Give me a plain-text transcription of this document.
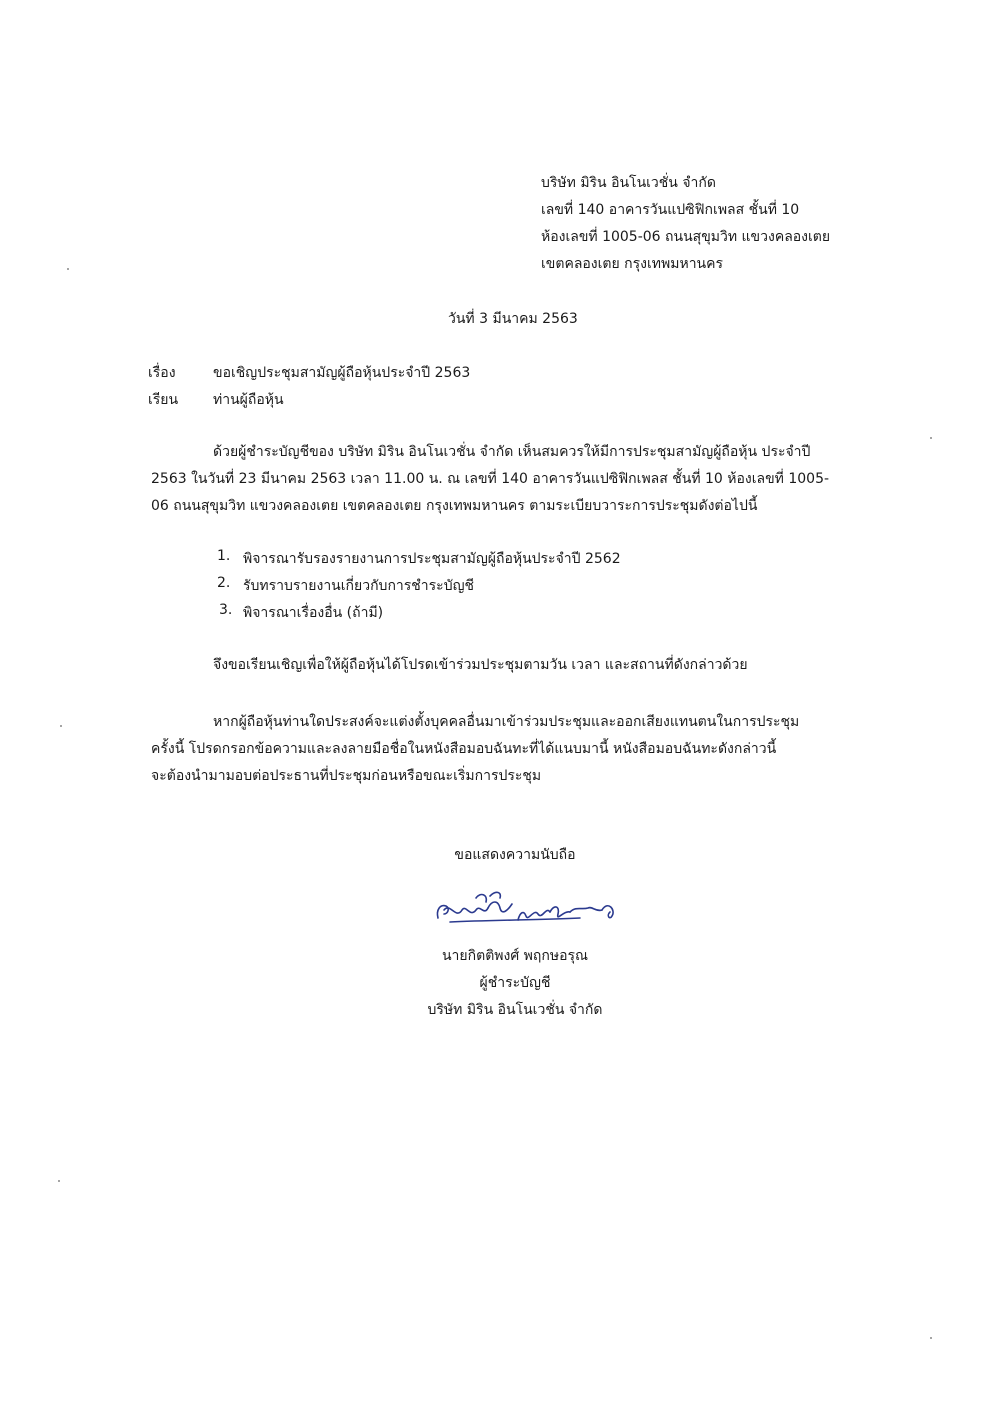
บริษัท มิริน อินโนเวชั่น จำกัด
เลขที่ 140 อาคารวันแปซิฟิกเพลส ชั้นที่ 10
ห้องเลขที่ 1005-06 ถนนสุขุมวิท แขวงคลองเตย
เขตคลองเตย กรุงเทพมหานคร
วันที่ 3 มีนาคม 2563
เรื่อง	ขอเชิญประชุมสามัญผู้ถือหุ้นประจำปี 2563
เรียน ท่านผู้ถือหุ้น
ด้วยผู้ชำระบัญชีของ บริษัท มิริน อินโนเวชั่น จำกัด เห็นสมควรให้มีการประชุมสามัญผู้ถือหุ้น ประจำปี
2563 ในวันที่ 23 มีนาคม 2563 เวลา 11.00 น. ณ เลขที่ 140 อาคารวันแปซิฟิกเพลส ชั้นที่ 10 ห้องเลขที่ 1005-
06 ถนนสุขุมวิท แขวงคลองเตย เขตคลองเตย กรุงเทพมหานคร ตามระเบียบวาระการประชุมดังต่อไปนี้
1. พิจารณารับรองรายงานการประชุมสามัญผู้ถือหุ้นประจำปี 2562
2. รับทราบรายงานเกี่ยวกับการชำระบัญชี
3. พิจารณาเรื่องอื่น (ถ้ามี)
จึงขอเรียนเชิญเพื่อให้ผู้ถือหุ้นได้โปรดเข้าร่วมประชุมตามวัน เวลา และสถานที่ดังกล่าวด้วย
หากผู้ถือหุ้นท่านใดประสงค์จะแต่งตั้งบุคคลอื่นมาเข้าร่วมประชุมและออกเสียงแทนตนในการประชุม
ครั้งนี้ โปรดกรอกข้อความและลงลายมือชื่อในหนังสือมอบฉันทะที่ได้แนบมานี้ หนังสือมอบฉันทะดังกล่าวนี้
จะต้องนำมามอบต่อประธานที่ประชุมก่อนหรือขณะเริ่มการประชุม
ขอแสดงความนับถือ
นายกิตติพงศ์ พฤกษอรุณ
ผู้ชำระบัญชี
บริษัท มิริน อินโนเวชั่น จำกัด
